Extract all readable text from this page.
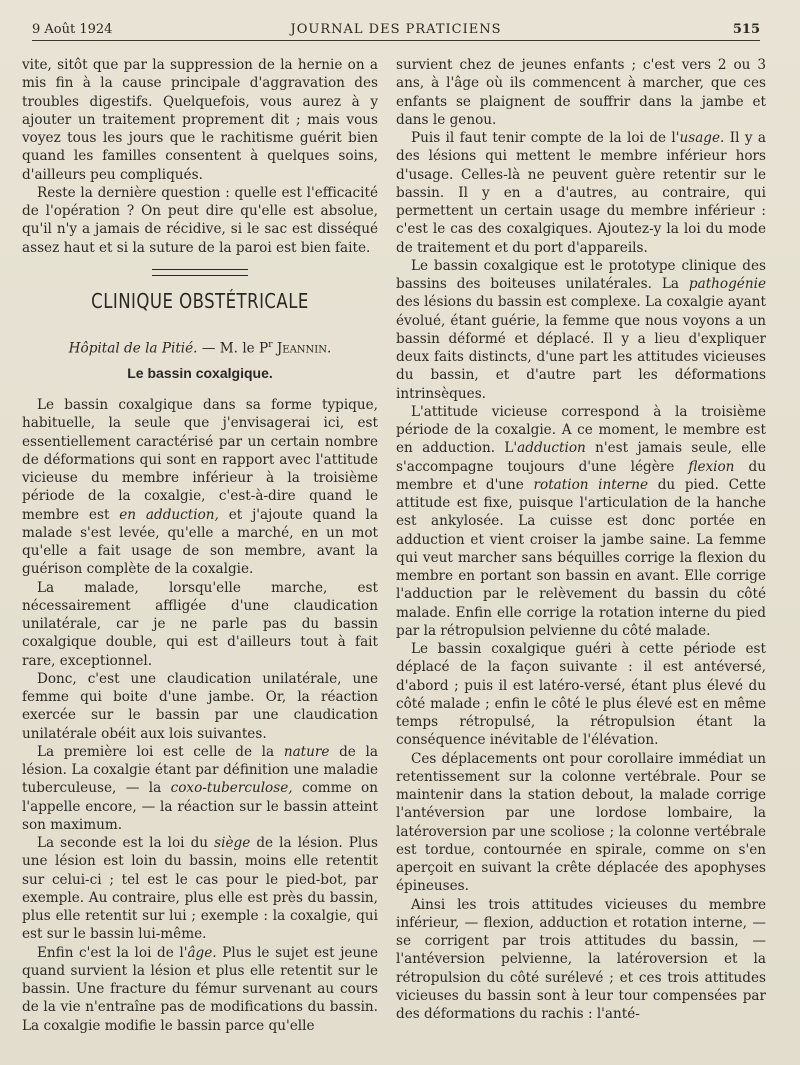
9 Août 1924	JOURNAL DES PRATICIENS	515

vite, sitôt que par la suppression de la hernie on a mis fin à la cause principale d'aggravation des troubles digestifs. Quelquefois, vous aurez à y ajouter un traitement proprement dit ; mais vous voyez tous les jours que le rachitisme guérit bien quand les familles consentent à quelques soins, d'ailleurs peu compliqués.

Reste la dernière question : quelle est l'efficacité de l'opération ? On peut dire qu'elle est absolue, qu'il n'y a jamais de récidive, si le sac est disséqué assez haut et si la suture de la paroi est bien faite.

CLINIQUE OBSTÉTRICALE
Hôpital de la Pitié. — M. le $P^r$ Jeannin.
Le bassin coxalgique.

Le bassin coxalgique dans sa forme typique, habituelle, la seule que j'envisagerai ici, est essentiellement caractérisé par un certain nombre de déformations qui sont en rapport avec l'attitude vicieuse du membre inférieur à la troisième période de la coxalgie, c'est-à-dire quand le membre est en adduction, et j'ajoute quand la malade s'est levée, qu'elle a marché, en un mot qu'elle a fait usage de son membre, avant la guérison complète de la coxalgie.

La malade, lorsqu'elle marche, est nécessairement affligée d'une claudication unilatérale, car je ne parle pas du bassin coxalgique double, qui est d'ailleurs tout à fait rare, exceptionnel.

Donc, c'est une claudication unilatérale, une femme qui boite d'une jambe. Or, la réaction exercée sur le bassin par une claudication unilatérale obéit aux lois suivantes.

La première loi est celle de la nature de la lésion. La coxalgie étant par définition une maladie tuberculeuse, — la coxo-tuberculose, comme on l'appelle encore, — la réaction sur le bassin atteint son maximum.

La seconde est la loi du siège de la lésion. Plus une lésion est loin du bassin, moins elle retentit sur celui-ci ; tel est le cas pour le pied-bot, par exemple. Au contraire, plus elle est près du bassin, plus elle retentit sur lui ; exemple : la coxalgie, qui est sur le bassin lui-même.

Enfin c'est la loi de l'âge. Plus le sujet est jeune quand survient la lésion et plus elle retentit sur le bassin. Une fracture du fémur survenant au cours de la vie n'entraîne pas de modifications du bassin. La coxalgie modifie le bassin parce qu'elle

survient chez de jeunes enfants ; c'est vers 2 ou 3 ans, à l'âge où ils commencent à marcher, que ces enfants se plaignent de souffrir dans la jambe et dans le genou.

Puis il faut tenir compte de la loi de l'usage. Il y a des lésions qui mettent le membre inférieur hors d'usage. Celles-là ne peuvent guère retentir sur le bassin. Il y en a d'autres, au contraire, qui permettent un certain usage du membre inférieur : c'est le cas des coxalgiques. Ajoutez-y la loi du mode de traitement et du port d'appareils.

Le bassin coxalgique est le prototype clinique des bassins des boiteuses unilatérales. La pathogénie des lésions du bassin est complexe. La coxalgie ayant évolué, étant guérie, la femme que nous voyons a un bassin déformé et déplacé. Il y a lieu d'expliquer deux faits distincts, d'une part les attitudes vicieuses du bassin, et d'autre part les déformations intrinsèques.

L'attitude vicieuse correspond à la troisième période de la coxalgie. A ce moment, le membre est en adduction. L'adduction n'est jamais seule, elle s'accompagne toujours d'une légère flexion du membre et d'une rotation interne du pied. Cette attitude est fixe, puisque l'articulation de la hanche est ankylosée. La cuisse est donc portée en adduction et vient croiser la jambe saine. La femme qui veut marcher sans béquilles corrige la flexion du membre en portant son bassin en avant. Elle corrige l'adduction par le relèvement du bassin du côté malade. Enfin elle corrige la rotation interne du pied par la rétropulsion pelvienne du côté malade.

Le bassin coxalgique guéri à cette période est déplacé de la façon suivante : il est antéversé, d'abord ; puis il est latéro-versé, étant plus élevé du côté malade ; enfin le côté le plus élevé est en même temps rétropulsé, la rétropulsion étant la conséquence inévitable de l'élévation.

Ces déplacements ont pour corollaire immédiat un retentissement sur la colonne vertébrale. Pour se maintenir dans la station debout, la malade corrige l'antéversion par une lordose lombaire, la latéroversion par une scoliose ; la colonne vertébrale est tordue, contournée en spirale, comme on s'en aperçoit en suivant la crête déplacée des apophyses épineuses.

Ainsi les trois attitudes vicieuses du membre inférieur, — flexion, adduction et rotation interne, — se corrigent par trois attitudes du bassin, — l'antéversion pelvienne, la latéroversion et la rétropulsion du côté surélevé ; et ces trois attitudes vicieuses du bassin sont à leur tour compensées par des déformations du rachis : l'anté-
